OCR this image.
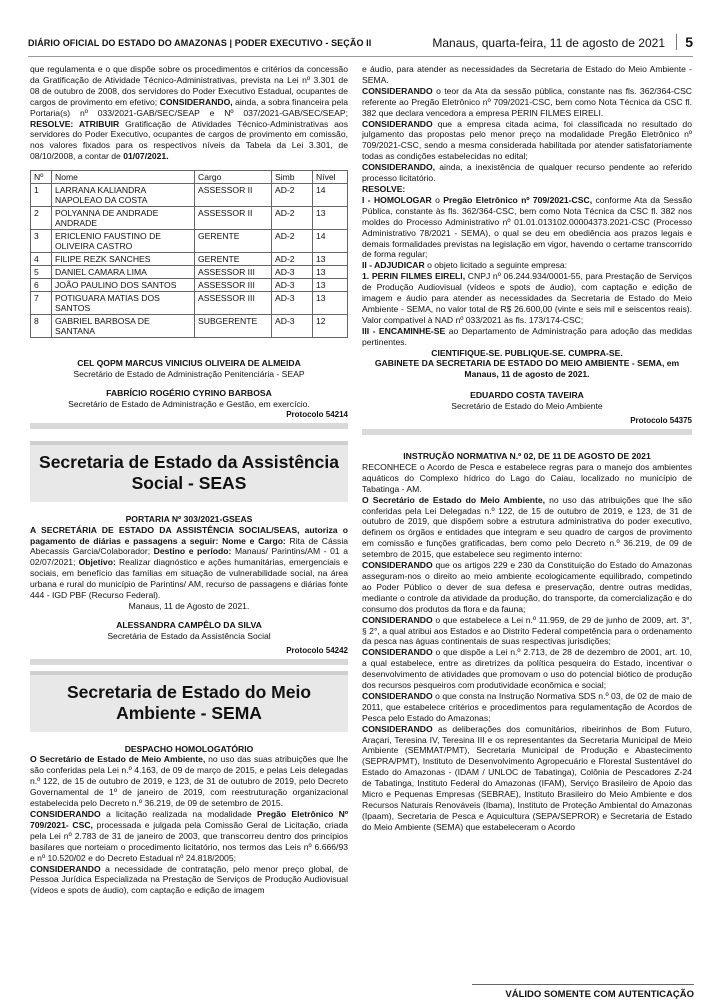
DIÁRIO OFICIAL DO ESTADO DO AMAZONAS | PODER EXECUTIVO - SEÇÃO II	Manaus, quarta-feira, 11 de agosto de 2021	5

que regulamenta e o que dispõe sobre os procedimentos e critérios da concessão da Gratificação de Atividade Técnico-Administrativas, prevista na Lei nº 3.301 de 08 de outubro de 2008, dos servidores do Poder Executivo Estadual, ocupantes de cargos de provimento em efetivo; CONSIDERANDO, ainda, a sobra financeira pela Portaria(s) nº 033/2021-GAB/SEC/SEAP e Nº 037/2021-GAB/SEC/SEAP; RESOLVE: ATRIBUIR Gratificação de Atividades Técnico-Administrativas aos servidores do Poder Executivo, ocupantes de cargos de provimento em comissão, nos valores fixados para os respectivos níveis da Tabela da Lei 3.301, de 08/10/2008, a contar de 01/07/2021.

Nº	Nome	Cargo	Simb	Nível
1	LARRANA KALIANDRA NAPOLEAO DA COSTA	ASSESSOR II	AD-2	14
2	POLYANNA DE ANDRADE ANDRADE	ASSESSOR II	AD-2	13
3	ERICLENIO FAUSTINO DE OLIVEIRA CASTRO	GERENTE	AD-2	14
4	FILIPE REZK SANCHES	GERENTE	AD-2	13
5	DANIEL CAMARA LIMA	ASSESSOR III	AD-3	13
6	JOÃO PAULINO DOS SANTOS	ASSESSOR III	AD-3	13
7	POTIGUARA MATIAS DOS SANTOS	ASSESSOR III	AD-3	13
8	GABRIEL BARBOSA DE SANTANA	SUBGERENTE	AD-3	12
CEL QOPM MARCUS VINICIUS OLIVEIRA DE ALMEIDA
Secretário de Estado de Administração Penitenciária - SEAP
FABRÍCIO ROGÉRIO CYRINO BARBOSA
Secretário de Estado de Administração e Gestão, em exercício.
Protocolo 54214
Secretaria de Estado da Assistência Social - SEAS
PORTARIA Nº 303/2021-GSEAS

A SECRETÁRIA DE ESTADO DA ASSISTÊNCIA SOCIAL/SEAS, autoriza o pagamento de diárias e passagens a seguir: Nome e Cargo: Rita de Cássia Abecassis Garcia/Colaborador; Destino e período: Manaus/ Parintins/AM - 01 a 02/07/2021; Objetivo: Realizar diagnóstico e ações humanitárias, emergenciais e sociais, em benefício das famílias em situação de vulnerabilidade social, na área urbana e rural do município de Parintins/ AM, recurso de passagens e diárias fonte 444 - IGD PBF (Recurso Federal).

Manaus, 11 de Agosto de 2021.
ALESSANDRA CAMPÊLO DA SILVA
Secretária de Estado da Assistência Social
Protocolo 54242
Secretaria de Estado do Meio Ambiente - SEMA
DESPACHO HOMOLOGATÓRIO

O Secretário de Estado de Meio Ambiente, no uso das suas atribuições que lhe são conferidas pela Lei n.º 4.163, de 09 de março de 2015, e pelas Leis delegadas n.º 122, de 15 de outubro de 2019, e 123, de 31 de outubro de 2019, pelo Decreto Governamental de 1º de janeiro de 2019, com reestruturação organizacional estabelecida pelo Decreto n.º 36.219, de 09 de setembro de 2015.

CONSIDERANDO a licitação realizada na modalidade Pregão Eletrônico Nº 709/2021- CSC, processada e julgada pela Comissão Geral de Licitação, criada pela Lei nº 2.783 de 31 de janeiro de 2003, que transcorreu dentro dos princípios basilares que norteiam o procedimento licitatório, nos termos das Leis nº 6.666/93 e nº 10.520/02 e do Decreto Estadual nº 24.818/2005;

CONSIDERANDO a necessidade de contratação, pelo menor preço global, de Pessoa Jurídica Especializada na Prestação de Serviços de Produção Audiovisual (vídeos e spots de áudio), com captação e edição de imagem

e áudio, para atender as necessidades da Secretaria de Estado do Meio Ambiente - SEMA.

CONSIDERANDO o teor da Ata da sessão pública, constante nas fls. 362/364-CSC referente ao Pregão Eletrônico nº 709/2021-CSC, bem como Nota Técnica da CSC fl. 382 que declara vencedora a empresa PERIN FILMES EIRELI.

CONSIDERANDO que a empresa citada acima, foi classificada no resultado do julgamento das propostas pelo menor preço na modalidade Pregão Eletrônico nº 709/2021-CSC, sendo a mesma considerada habilitada por atender satisfatoriamente todas as condições estabelecidas no edital;

CONSIDERANDO, ainda, a inexistência de qualquer recurso pendente ao referido processo licitatório.

RESOLVE:

I - HOMOLOGAR o Pregão Eletrônico nº 709/2021-CSC, conforme Ata da Sessão Pública, constante às fls. 362/364-CSC, bem como Nota Técnica da CSC fl. 382 nos moldes do Processo Administrativo nº 01.01.013102.00004373.2021-CSC (Processo Administrativo 78/2021 - SEMA), o qual se deu em obediência aos prazos legais e demais formalidades previstas na legislação em vigor, havendo o certame transcorrido de forma regular;

II - ADJUDICAR o objeto licitado a seguinte empresa:

1. PERIN FILMES EIRELI, CNPJ nº 06.244.934/0001-55, para Prestação de Serviços de Produção Audiovisual (vídeos e spots de áudio), com captação e edição de imagem e áudio para atender as necessidades da Secretaria de Estado do Meio Ambiente - SEMA, no valor total de R$ 26.600,00 (vinte e seis mil e seiscentos reais). Valor compatível à NAD nº 033/2021 às fls. 173/174-CSC;

III - ENCAMINHE-SE ao Departamento de Administração para adoção das medidas pertinentes.

CIENTIFIQUE-SE. PUBLIQUE-SE. CUMPRA-SE.
GABINETE DA SECRETARIA DE ESTADO DO MEIO AMBIENTE - SEMA, em Manaus, 11 de agosto de 2021.
EDUARDO COSTA TAVEIRA
Secretário de Estado do Meio Ambiente
Protocolo 54375
INSTRUÇÃO NORMATIVA N.º 02, DE 11 DE AGOSTO DE 2021

RECONHECE o Acordo de Pesca e estabelece regras para o manejo dos ambientes aquáticos do Complexo hídrico do Lago do Caiau, localizado no município de Tabatinga - AM.

O Secretário de Estado do Meio Ambiente, no uso das atribuições que lhe são conferidas pela Lei Delegadas n.º 122, de 15 de outubro de 2019, e 123, de 31 de outubro de 2019, que dispõem sobre a estrutura administrativa do poder executivo, definem os órgãos e entidades que integram e seu quadro de cargos de provimento em comissão e funções gratificadas, bem como pelo Decreto n.º 36.219, de 09 de setembro de 2015, que estabelece seu regimento interno:

CONSIDERANDO que os artigos 229 e 230 da Constituição do Estado do Amazonas asseguram-nos o direito ao meio ambiente ecologicamente equilibrado, competindo ao Poder Público o dever de sua defesa e preservação, dentre outras medidas, mediante o controle da atividade da produção, do transporte, da comercialização e do consumo dos produtos da flora e da fauna;

CONSIDERANDO o que estabelece a Lei n.º 11.959, de 29 de junho de 2009, art. 3°, § 2°, a qual atribui aos Estados e ao Distrito Federal competência para o ordenamento da pesca nas águas continentais de suas respectivas jurisdições;

CONSIDERANDO o que dispõe a Lei n.º 2.713, de 28 de dezembro de 2001, art. 10, a qual estabelece, entre as diretrizes da política pesqueira do Estado, incentivar o desenvolvimento de atividades que promovam o uso do potencial biótico de produção dos recursos pesqueiros com produtividade econômica e social;

CONSIDERANDO o que consta na Instrução Normativa SDS n.º 03, de 02 de maio de 2011, que estabelece critérios e procedimentos para regulamentação de Acordos de Pesca pelo Estado do Amazonas;

CONSIDERANDO as deliberações dos comunitários, ribeirinhos de Bom Futuro, Araçari, Teresina IV, Teresina III e os representantes da Secretaria Municipal de Meio Ambiente (SEMMAT/PMT), Secretaria Municipal de Produção e Abastecimento (SEPRA/PMT), Instituto de Desenvolvimento Agropecuário e Florestal Sustentável do Estado do Amazonas - (IDAM / UNLOC de Tabatinga), Colônia de Pescadores Z-24 de Tabatinga, Instituto Federal do Amazonas (IFAM), Serviço Brasileiro de Apoio das Micro e Pequenas Empresas (SEBRAE), Instituto Brasileiro do Meio Ambiente e dos Recursos Naturais Renováveis (Ibama), Instituto de Proteção Ambiental do Amazonas (Ipaam), Secretaria de Pesca e Aquicultura (SEPA/SEPROR) e Secretaria de Estado do Meio Ambiente (SEMA) que estabeleceram o Acordo

VÁLIDO SOMENTE COM AUTENTICAÇÃO
